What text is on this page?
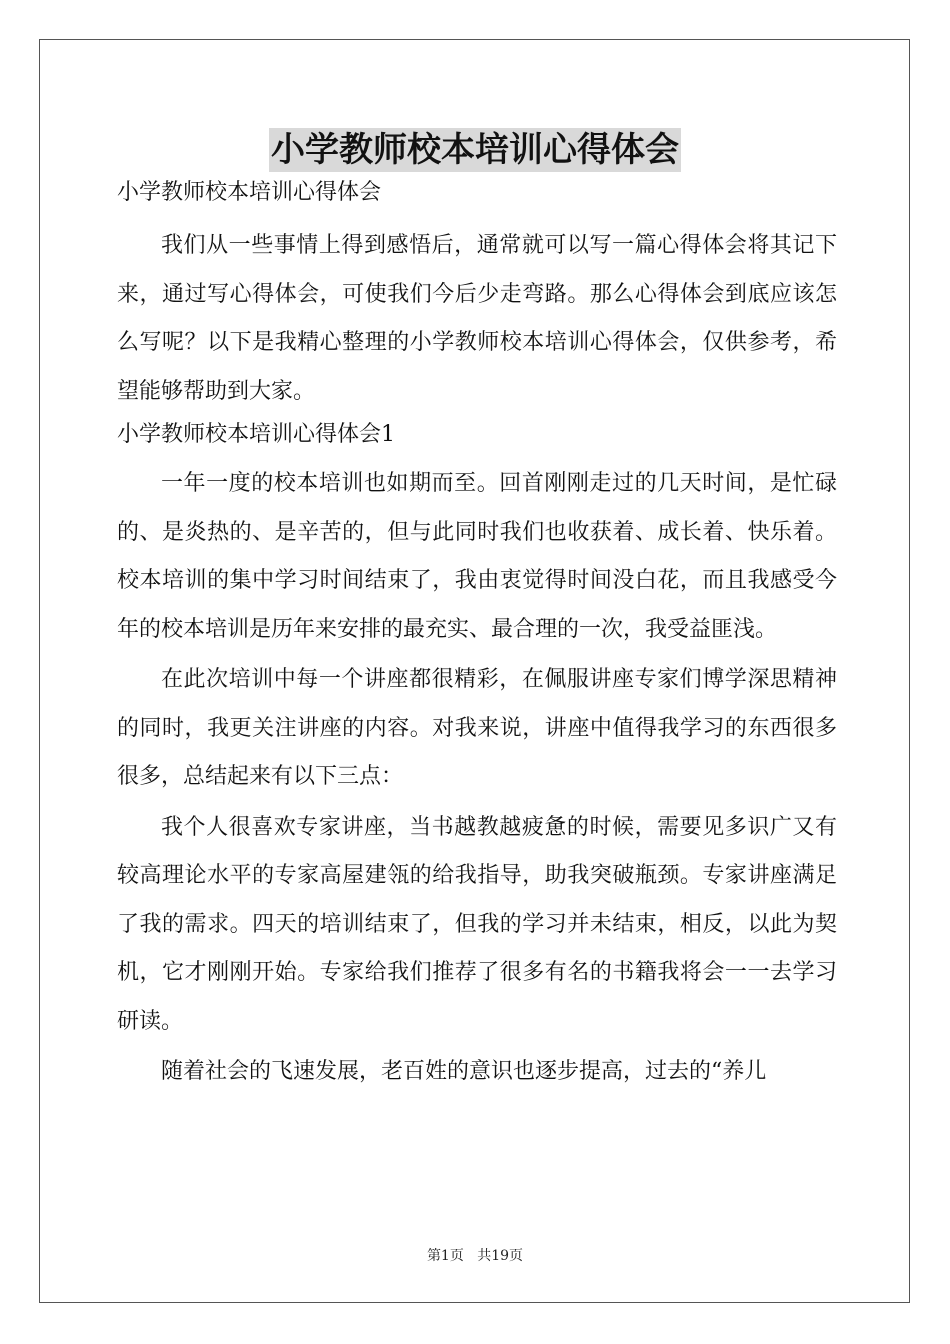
小学教师校本培训心得体会
小学教师校本培训心得体会

我们从一些事情上得到感悟后，通常就可以写一篇心得体会将其记下来，通过写心得体会，可使我们今后少走弯路。那么心得体会到底应该怎么写呢？以下是我精心整理的小学教师校本培训心得体会，仅供参考，希望能够帮助到大家。

小学教师校本培训心得体会1

一年一度的校本培训也如期而至。回首刚刚走过的几天时间，是忙碌的、是炎热的、是辛苦的，但与此同时我们也收获着、成长着、快乐着。校本培训的集中学习时间结束了，我由衷觉得时间没白花，而且我感受今年的校本培训是历年来安排的最充实、最合理的一次，我受益匪浅。

在此次培训中每一个讲座都很精彩，在佩服讲座专家们博学深思精神的同时，我更关注讲座的内容。对我来说，讲座中值得我学习的东西很多很多，总结起来有以下三点：

我个人很喜欢专家讲座，当书越教越疲惫的时候，需要见多识广又有较高理论水平的专家高屋建瓴的给我指导，助我突破瓶颈。专家讲座满足了我的需求。四天的培训结束了，但我的学习并未结束，相反，以此为契机，它才刚刚开始。专家给我们推荐了很多有名的书籍我将会一一去学习研读。

随着社会的飞速发展，老百姓的意识也逐步提高，过去的“养儿

第1页 共19页
